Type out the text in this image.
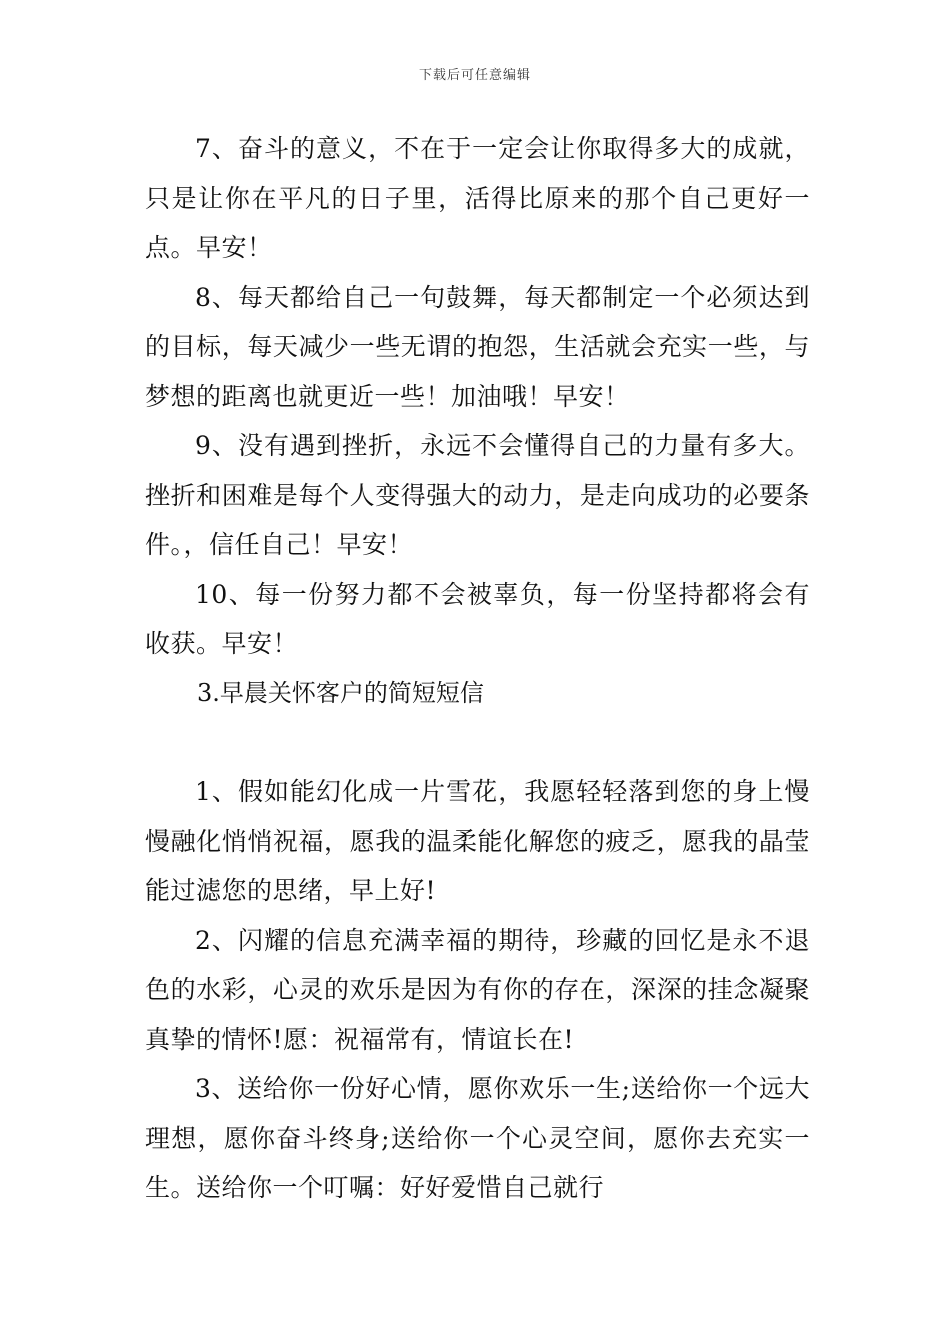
下载后可任意编辑

7、奋斗的意义，不在于一定会让你取得多大的成就，只是让你在平凡的日子里，活得比原来的那个自己更好一点。早安！

8、每天都给自己一句鼓舞，每天都制定一个必须达到的目标，每天减少一些无谓的抱怨，生活就会充实一些，与梦想的距离也就更近一些！加油哦！早安！

9、没有遇到挫折，永远不会懂得自己的力量有多大。挫折和困难是每个人变得强大的动力，是走向成功的必要条件。，信任自己！早安！

10、每一份努力都不会被辜负，每一份坚持都将会有收获。早安！

3.早晨关怀客户的简短短信

1、假如能幻化成一片雪花，我愿轻轻落到您的身上慢慢融化悄悄祝福，愿我的温柔能化解您的疲乏，愿我的晶莹能过滤您的思绪，早上好!

2、闪耀的信息充满幸福的期待，珍藏的回忆是永不退色的水彩，心灵的欢乐是因为有你的存在，深深的挂念凝聚真挚的情怀!愿：祝福常有，情谊长在!

3、送给你一份好心情，愿你欢乐一生;送给你一个远大理想，愿你奋斗终身;送给你一个心灵空间，愿你去充实一生。送给你一个叮嘱：好好爱惜自己就行
